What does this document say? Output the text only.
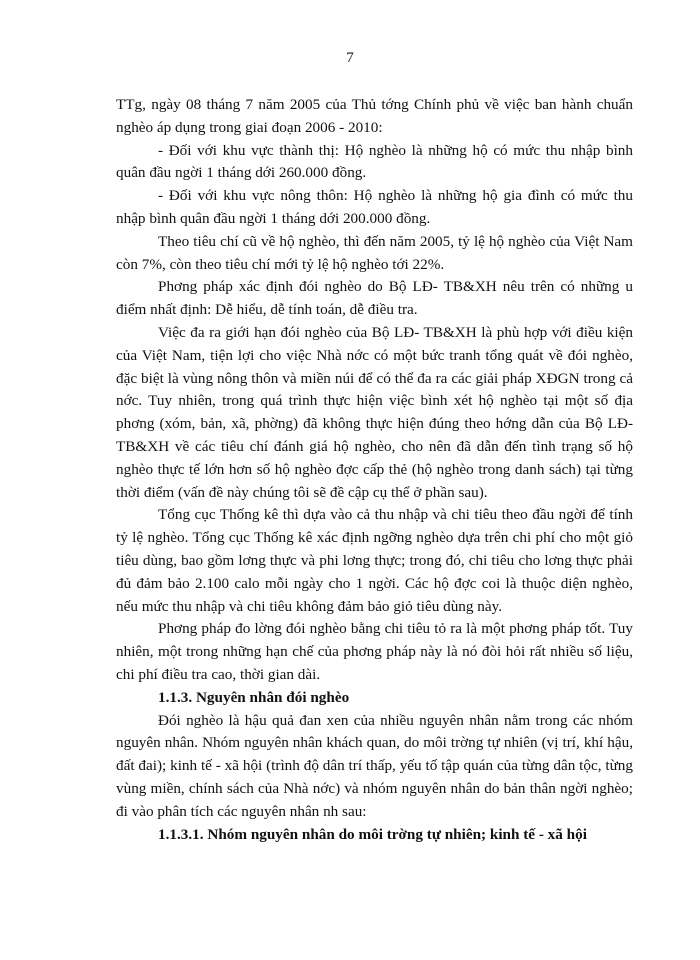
7

TTg, ngày 08 tháng 7 năm 2005 của Thủ tớng Chính phủ về việc ban hành chuẩn nghèo áp dụng trong giai đoạn 2006 - 2010:

- Đối với khu vực thành thị: Hộ nghèo là những hộ có mức thu nhập bình quân đầu ngời 1 tháng dới 260.000 đồng.

- Đối với khu vực nông thôn: Hộ nghèo là những hộ gia đình có mức thu nhập bình quân đầu ngời 1 tháng dới 200.000 đồng.

Theo tiêu chí cũ về hộ nghèo, thì đến năm 2005, tỷ lệ hộ nghèo của Việt Nam còn 7%, còn theo tiêu chí mới tỷ lệ hộ nghèo tới 22%.

Phơng pháp xác định đói nghèo do Bộ LĐ- TB&XH nêu trên có những u điểm nhất định: Dễ hiểu, dễ tính toán, dễ điều tra.

Việc đa ra giới hạn đói nghèo của Bộ LĐ- TB&XH là phù hợp với điều kiện của Việt Nam, tiện lợi cho việc Nhà nớc có một bức tranh tổng quát về đói nghèo, đặc biệt là vùng nông thôn và miền núi để có thể đa ra các giải pháp XĐGN trong cả nớc. Tuy nhiên, trong quá trình thực hiện việc bình xét hộ nghèo tại một số địa phơng (xóm, bản, xã, phờng) đã không thực hiện đúng theo hớng dẫn của Bộ LĐ- TB&XH về các tiêu chí đánh giá hộ nghèo, cho nên đã dẫn đến tình trạng số hộ nghèo thực tế lớn hơn số hộ nghèo đợc cấp thẻ (hộ nghèo trong danh sách) tại từng thời điểm (vấn đề này chúng tôi sẽ đề cập cụ thể ở phần sau).

Tổng cục Thống kê thì dựa vào cả thu nhập và chi tiêu theo đầu ngời để tính tỷ lệ nghèo. Tổng cục Thống kê xác định ngỡng nghèo dựa trên chi phí cho một giỏ tiêu dùng, bao gồm lơng thực và phi lơng thực; trong đó, chi tiêu cho lơng thực phải đủ đảm bảo 2.100 calo mỗi ngày cho 1 ngời. Các hộ đợc coi là thuộc diện nghèo, nếu mức thu nhập và chi tiêu không đảm bảo giỏ tiêu dùng này.

Phơng pháp đo lờng đói nghèo bằng chi tiêu tỏ ra là một phơng pháp tốt. Tuy nhiên, một trong những hạn chế của phơng pháp này là nó đòi hỏi rất nhiều số liệu, chi phí điều tra cao, thời gian dài.

1.1.3. Nguyên nhân đói nghèo

Đói nghèo là hậu quả đan xen của nhiều nguyên nhân nằm trong các nhóm nguyên nhân. Nhóm nguyên nhân khách quan, do môi trờng tự nhiên (vị trí, khí hậu, đất đai); kinh tế - xã hội (trình độ dân trí thấp, yếu tố tập quán của từng dân tộc, từng vùng miền, chính sách của Nhà nớc) và nhóm nguyên nhân do bản thân ngời nghèo; đi vào phân tích các nguyên nhân nh sau:

1.1.3.1. Nhóm nguyên nhân do môi trờng tự nhiên; kinh tế - xã hội
